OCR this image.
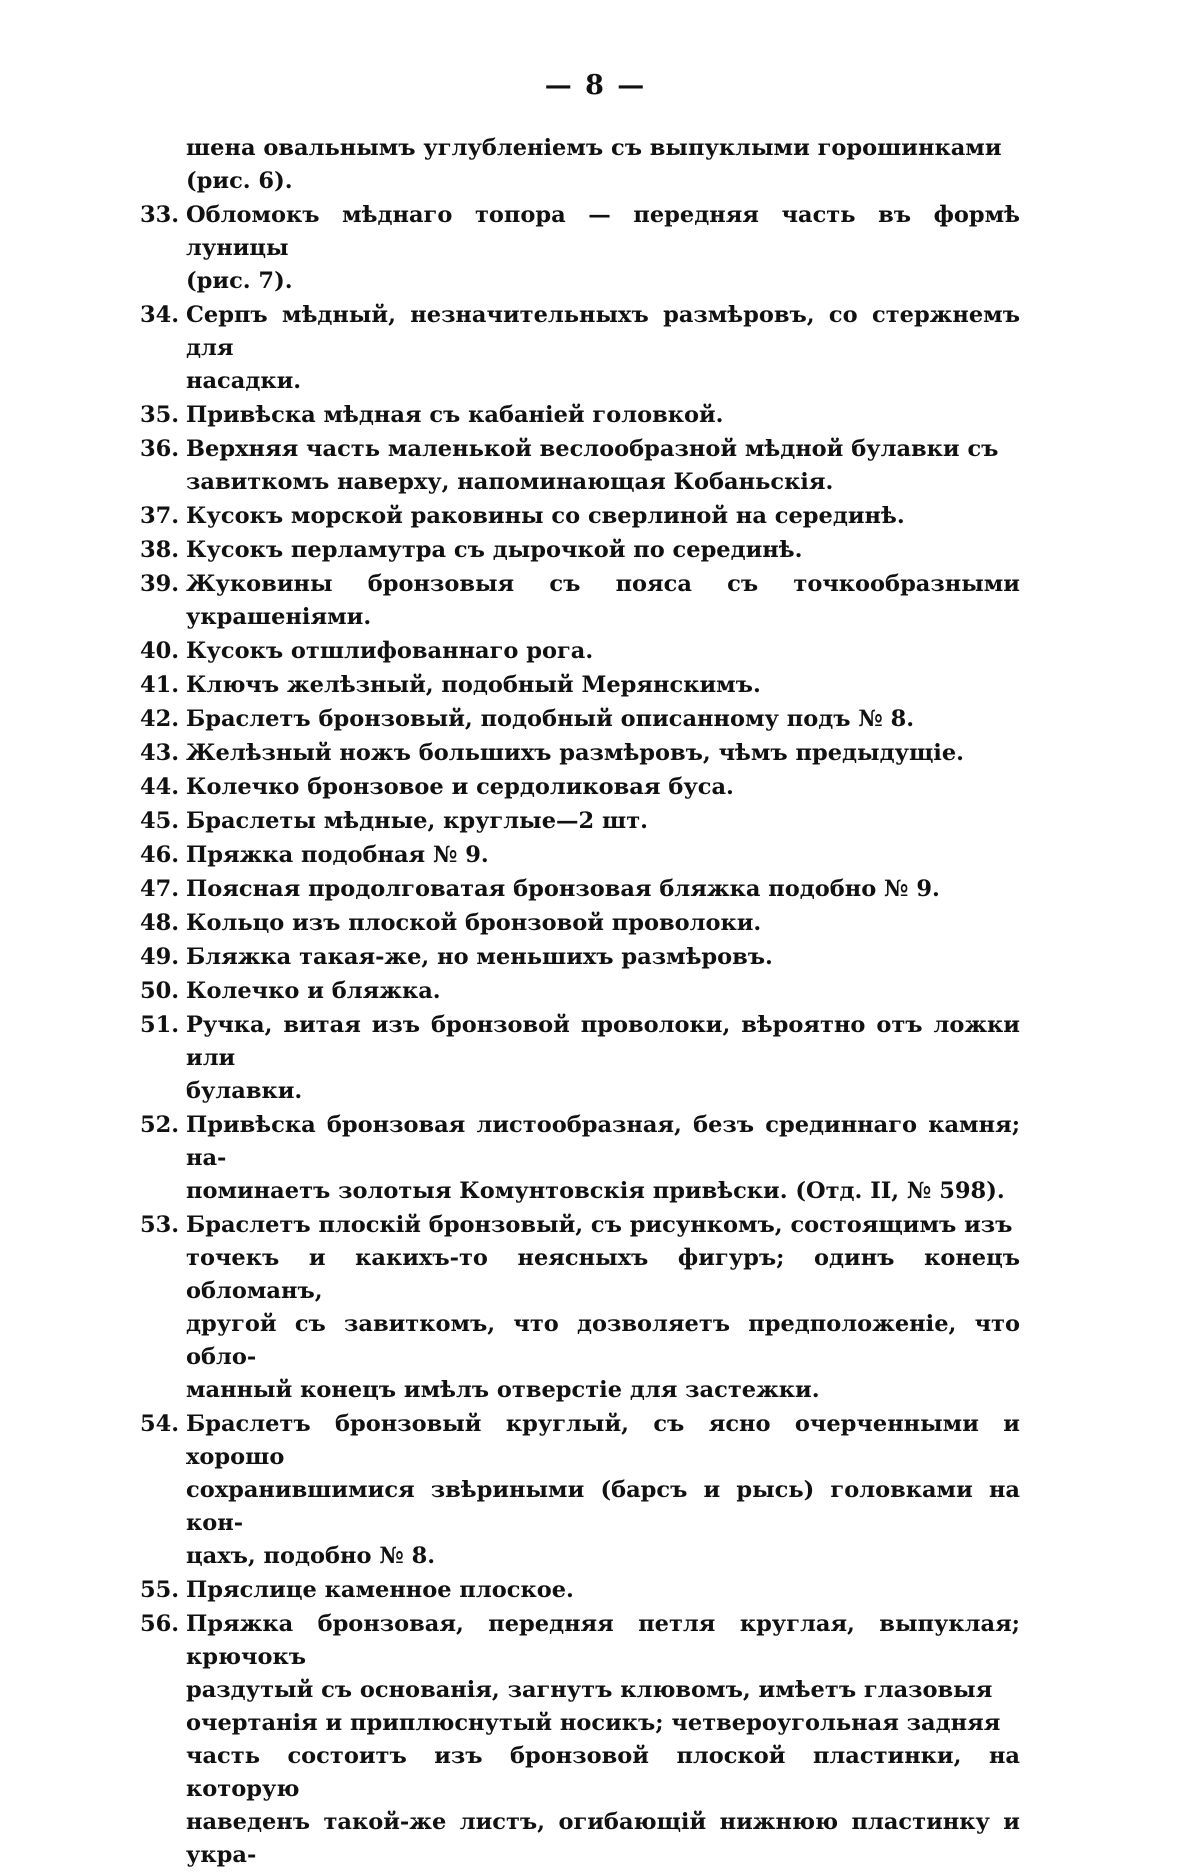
— 8 —
шена овальнымъ углубленіемъ съ выпуклыми горошинками
(рис. 6).
33. Обломокъ мѣднаго топора — передняя часть въ формѣ луницы
(рис. 7).
34. Серпъ мѣдный, незначительныхъ размѣровъ, со стержнемъ для
насадки.
35. Привѣска мѣдная съ кабаніей головкой.
36. Верхняя часть маленькой веслообразной мѣдной булавки съ
завиткомъ наверху, напоминающая Кобаньскія.
37. Кусокъ морской раковины со сверлиной на серединѣ.
38. Кусокъ перламутра съ дырочкой по серединѣ.
39. Жуковины бронзовыя съ пояса съ точкообразными украшеніями.
40. Кусокъ отшлифованнаго рога.
41. Ключъ желѣзный, подобный Мерянскимъ.
42. Браслетъ бронзовый, подобный описанному подъ № 8.
43. Желѣзный ножъ большихъ размѣровъ, чѣмъ предыдущіе.
44. Колечко бронзовое и сердоликовая буса.
45. Браслеты мѣдные, круглые—2 шт.
46. Пряжка подобная № 9.
47. Поясная продолговатая бронзовая бляжка подобно № 9.
48. Кольцо изъ плоской бронзовой проволоки.
49. Бляжка такая-же, но меньшихъ размѣровъ.
50. Колечко и бляжка.
51. Ручка, витая изъ бронзовой проволоки, вѣроятно отъ ложки или
булавки.
52. Привѣска бронзовая листообразная, безъ срединнаго камня; на-
поминаетъ золотыя Комунтовскія привѣски. (Отд. II, № 598).
53. Браслетъ плоскій бронзовый, съ рисункомъ, состоящимъ изъ
точекъ и какихъ-то неясныхъ фигуръ; одинъ конецъ обломанъ,
другой съ завиткомъ, что дозволяетъ предположеніе, что обло-
манный конецъ имѣлъ отверстіе для застежки.
54. Браслетъ бронзовый круглый, съ ясно очерченными и хорошо
сохранившимися звѣриными (барсъ и рысь) головками на кон-
цахъ, подобно № 8.
55. Пряслице каменное плоское.
56. Пряжка бронзовая, передняя петля круглая, выпуклая; крючокъ
раздутый съ основанія, загнутъ клювомъ, имѣетъ глазовыя
очертанія и приплюснутый носикъ; четвероугольная задняя
часть состоитъ изъ бронзовой плоской пластинки, на которую
наведенъ такой-же листъ, огибающій нижнюю пластинку и укра-
